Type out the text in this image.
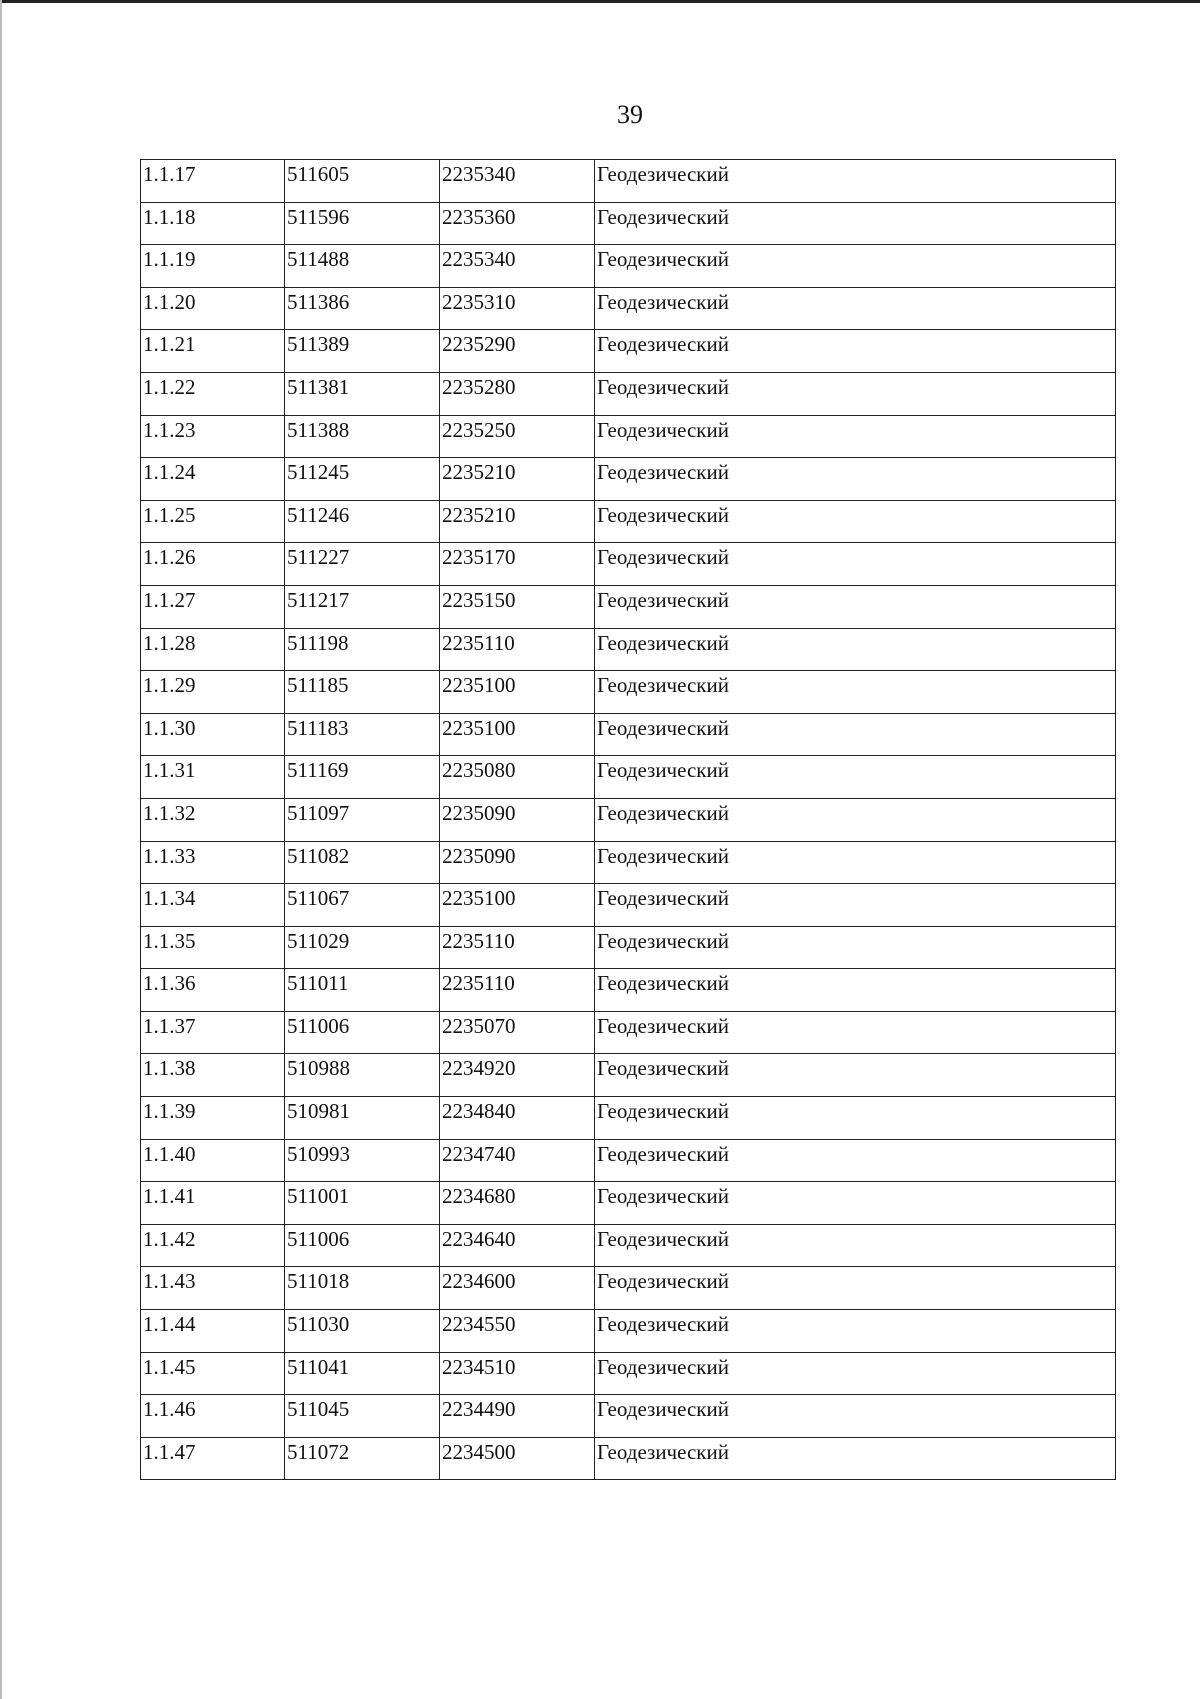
39
1.1.17	511605	2235340	Геодезический
1.1.18	511596	2235360	Геодезический
1.1.19	511488	2235340	Геодезический
1.1.20	511386	2235310	Геодезический
1.1.21	511389	2235290	Геодезический
1.1.22	511381	2235280	Геодезический
1.1.23	511388	2235250	Геодезический
1.1.24	511245	2235210	Геодезический
1.1.25	511246	2235210	Геодезический
1.1.26	511227	2235170	Геодезический
1.1.27	511217	2235150	Геодезический
1.1.28	511198	2235110	Геодезический
1.1.29	511185	2235100	Геодезический
1.1.30	511183	2235100	Геодезический
1.1.31	511169	2235080	Геодезический
1.1.32	511097	2235090	Геодезический
1.1.33	511082	2235090	Геодезический
1.1.34	511067	2235100	Геодезический
1.1.35	511029	2235110	Геодезический
1.1.36	511011	2235110	Геодезический
1.1.37	511006	2235070	Геодезический
1.1.38	510988	2234920	Геодезический
1.1.39	510981	2234840	Геодезический
1.1.40	510993	2234740	Геодезический
1.1.41	511001	2234680	Геодезический
1.1.42	511006	2234640	Геодезический
1.1.43	511018	2234600	Геодезический
1.1.44	511030	2234550	Геодезический
1.1.45	511041	2234510	Геодезический
1.1.46	511045	2234490	Геодезический
1.1.47	511072	2234500	Геодезический
